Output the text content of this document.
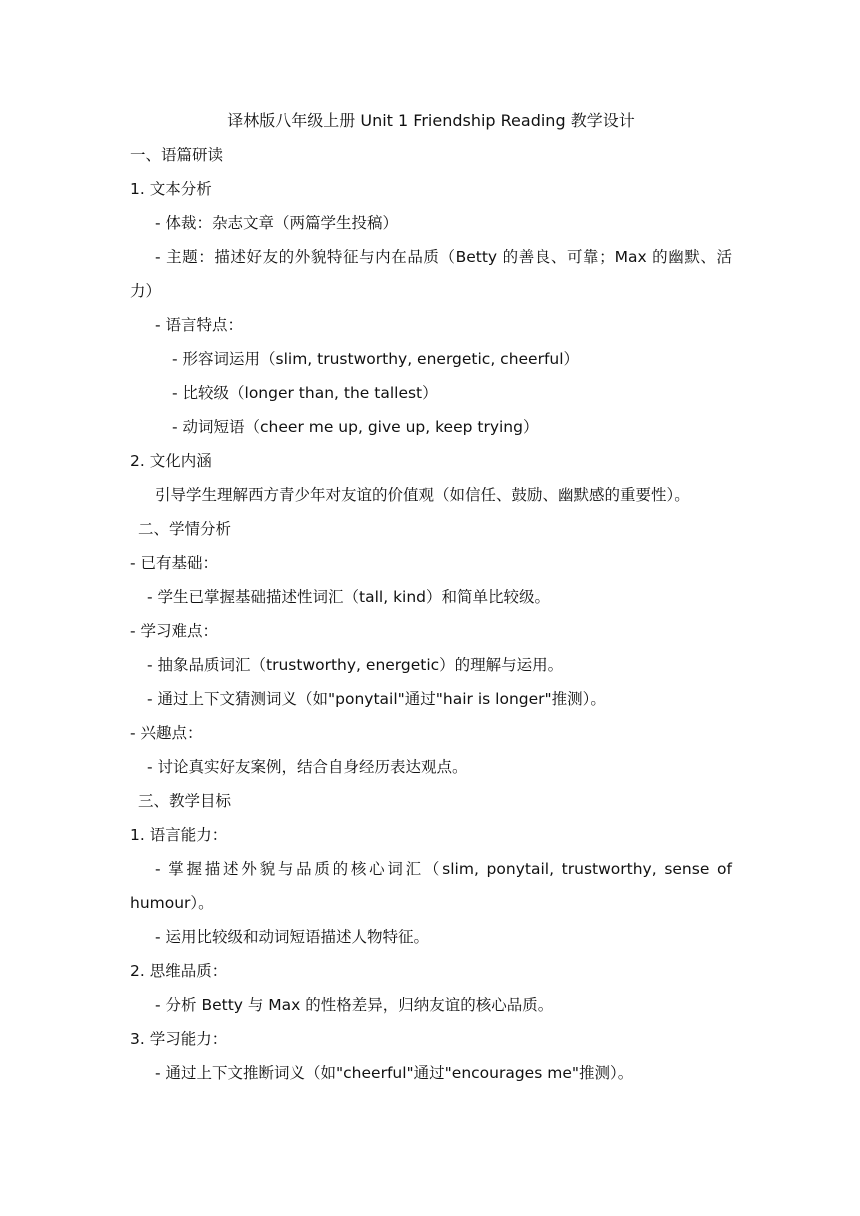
译林版八年级上册 Unit 1 Friendship Reading 教学设计
一、语篇研读
1. 文本分析
- 体裁：杂志文章（两篇学生投稿）
- 主题：描述好友的外貌特征与内在品质（Betty 的善良、可靠；Max 的幽默、活力）
- 语言特点：
- 形容词运用（slim, trustworthy, energetic, cheerful）
- 比较级（longer than, the tallest）
- 动词短语（cheer me up, give up, keep trying）
2. 文化内涵
引导学生理解西方青少年对友谊的价值观（如信任、鼓励、幽默感的重要性）。
二、学情分析
- 已有基础：
- 学生已掌握基础描述性词汇（tall, kind）和简单比较级。
- 学习难点：
- 抽象品质词汇（trustworthy, energetic）的理解与运用。
- 通过上下文猜测词义（如"ponytail"通过"hair is longer"推测）。
- 兴趣点：
- 讨论真实好友案例，结合自身经历表达观点。
三、教学目标
1. 语言能力：
- 掌握描述外貌与品质的核心词汇（slim, ponytail, trustworthy, sense of humour）。
- 运用比较级和动词短语描述人物特征。
2. 思维品质：
- 分析 Betty 与 Max 的性格差异，归纳友谊的核心品质。
3. 学习能力：
- 通过上下文推断词义（如"cheerful"通过"encourages me"推测）。
